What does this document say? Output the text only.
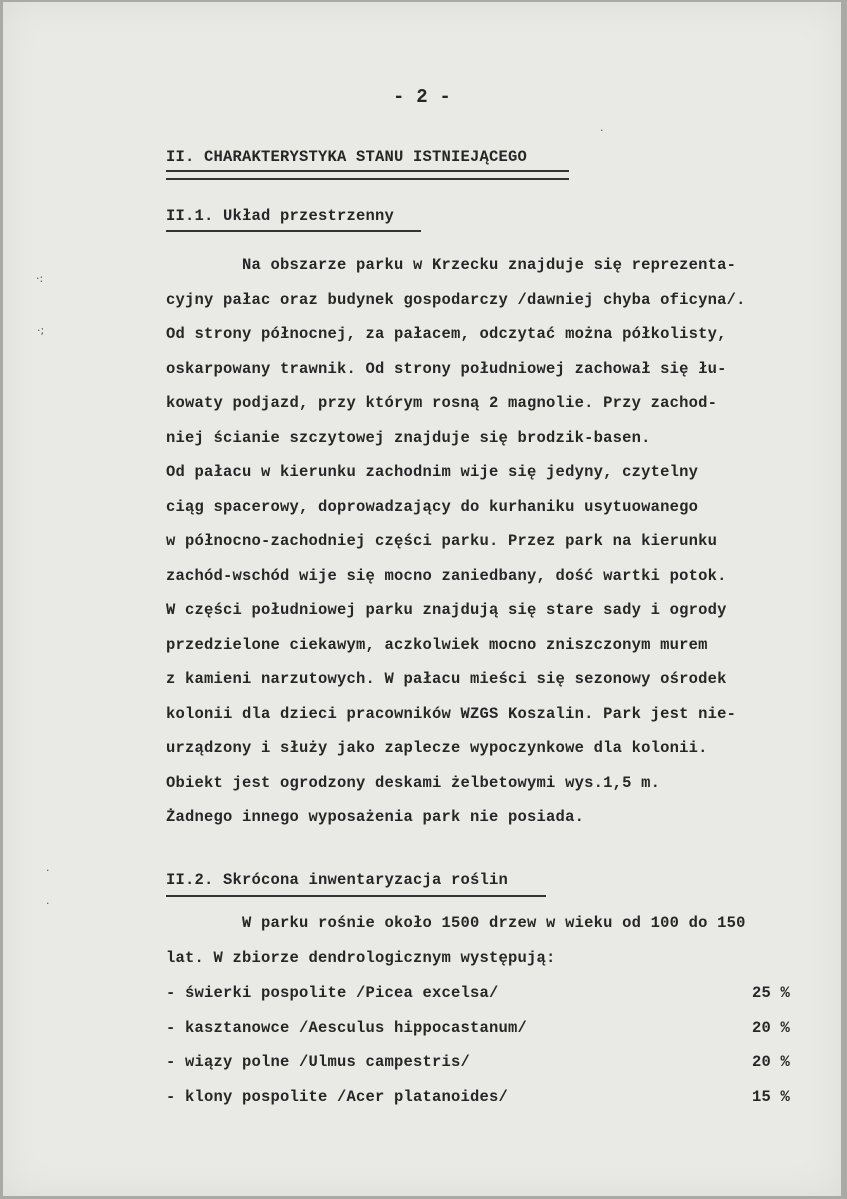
- 2 -
II. CHARAKTERYSTYKA STANU ISTNIEJĄCEGO
II.1. Układ przestrzenny
Na obszarze parku w Krzecku znajduje się reprezenta-
cyjny pałac oraz budynek gospodarczy /dawniej chyba oficyna/.
Od strony północnej, za pałacem, odczytać można półkolisty,
oskarpowany trawnik. Od strony południowej zachował się łu-
kowaty podjazd, przy którym rosną 2 magnolie. Przy zachod-
niej ścianie szczytowej znajduje się brodzik-basen.
Od pałacu w kierunku zachodnim wije się jedyny, czytelny
ciąg spacerowy, doprowadzający do kurhaniku usytuowanego
w północno-zachodniej części parku. Przez park na kierunku
zachód-wschód wije się mocno zaniedbany, dość wartki potok.
W części południowej parku znajdują się stare sady i ogrody
przedzielone ciekawym, aczkolwiek mocno zniszczonym murem
z kamieni narzutowych. W pałacu mieści się sezonowy ośrodek
kolonii dla dzieci pracowników WZGS Koszalin. Park jest nie-
urządzony i służy jako zaplecze wypoczynkowe dla kolonii.
Obiekt jest ogrodzony deskami żelbetowymi wys.1,5 m.
Żadnego innego wyposażenia park nie posiada.
II.2. Skrócona inwentaryzacja roślin
W parku rośnie około 1500 drzew w wieku od 100 do 150
lat. W zbiorze dendrologicznym występują:
- świerki pospolite /Picea excelsa/	25 %
- kasztanowce /Aesculus hippocastanum/	20 %
- wiązy polne /Ulmus campestris/	20 %
- klony pospolite /Acer platanoides/	15 %
·:
·;
·
·
·
